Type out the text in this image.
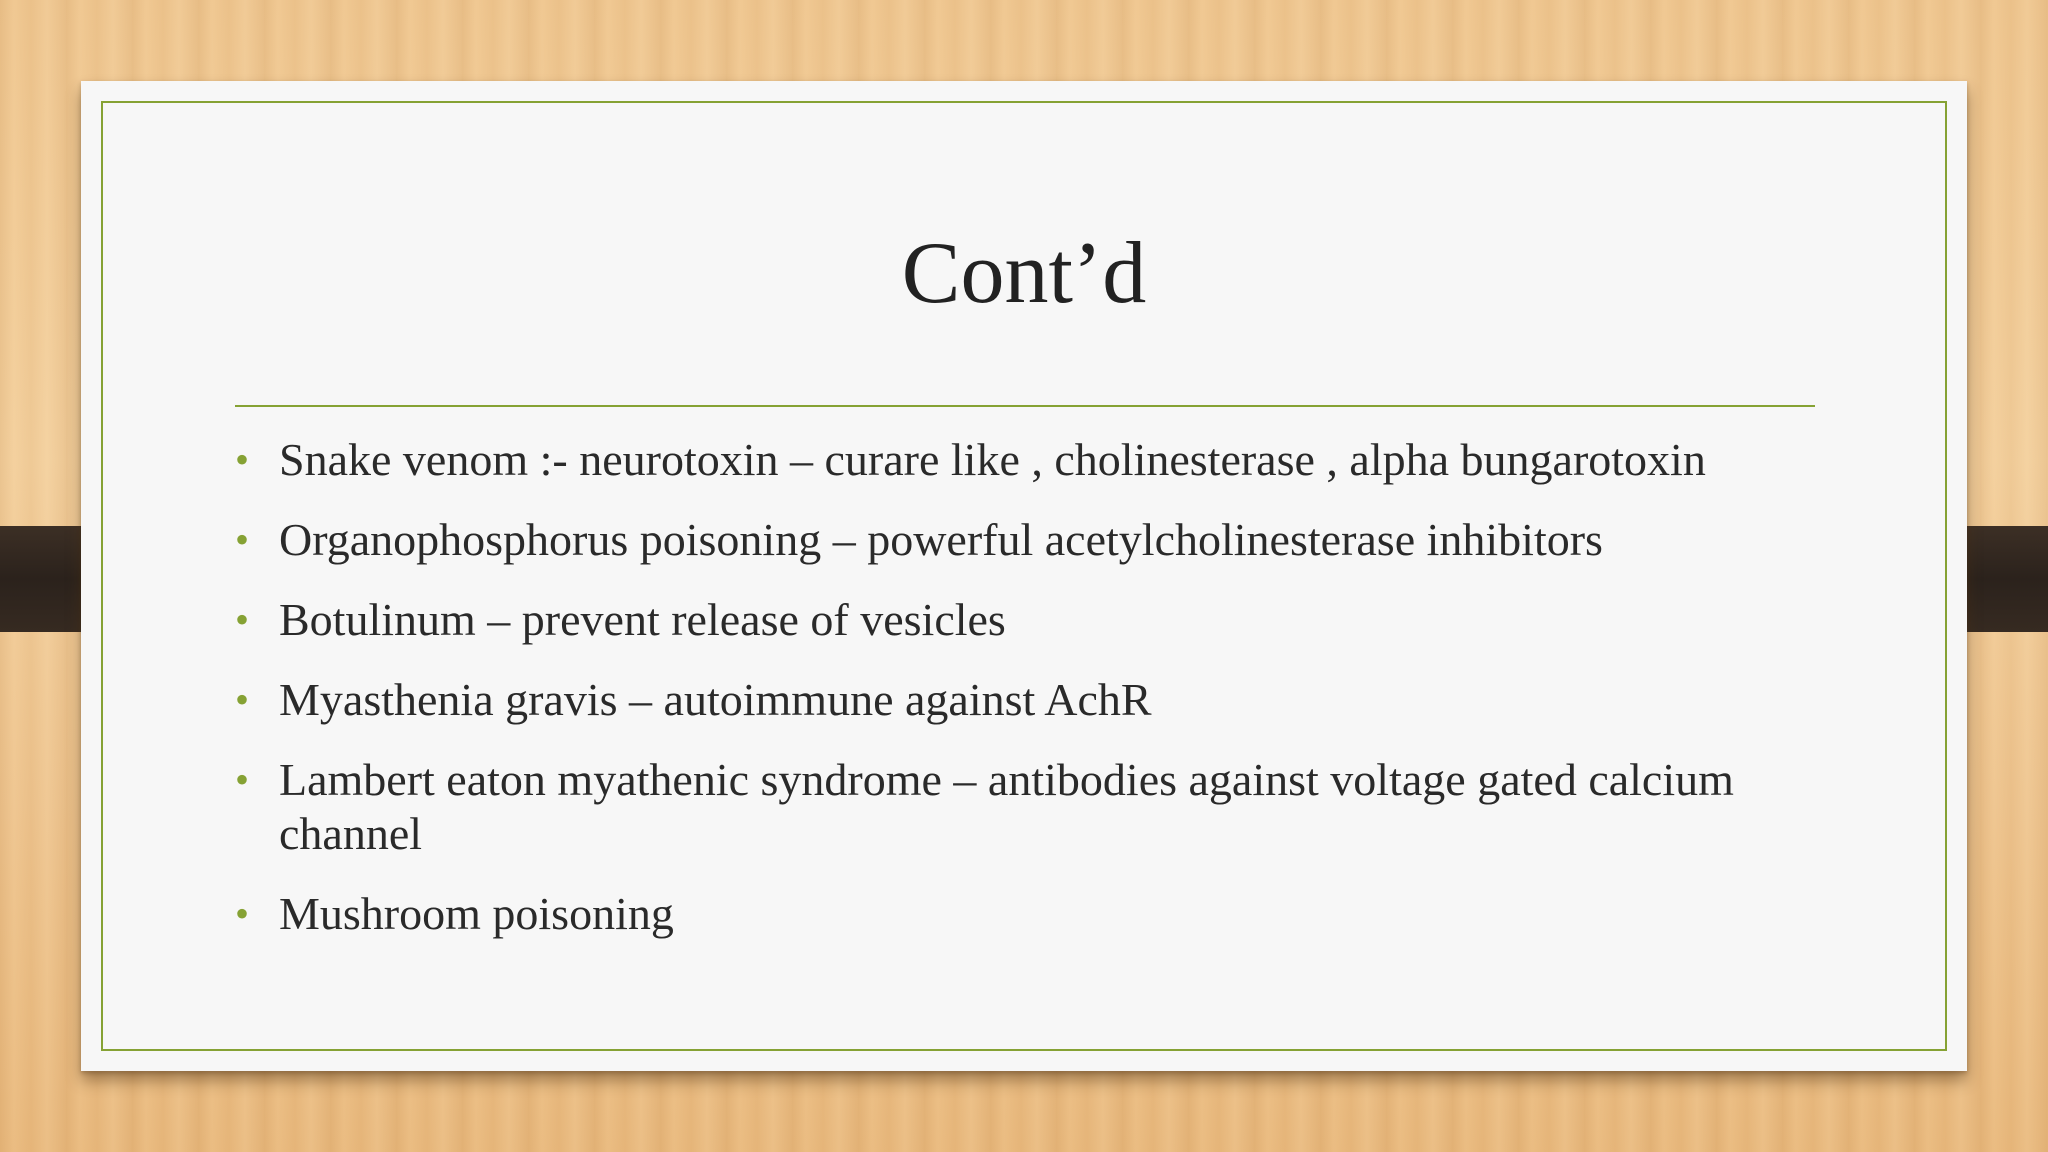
Cont’d
• Snake venom :- neurotoxin – curare like , cholinesterase , alpha bungarotoxin
• Organophosphorus poisoning – powerful acetylcholinesterase inhibitors
• Botulinum – prevent release of vesicles
• Myasthenia gravis – autoimmune against AchR
• Lambert eaton myathenic syndrome – antibodies against voltage gated calcium channel
• Mushroom poisoning
